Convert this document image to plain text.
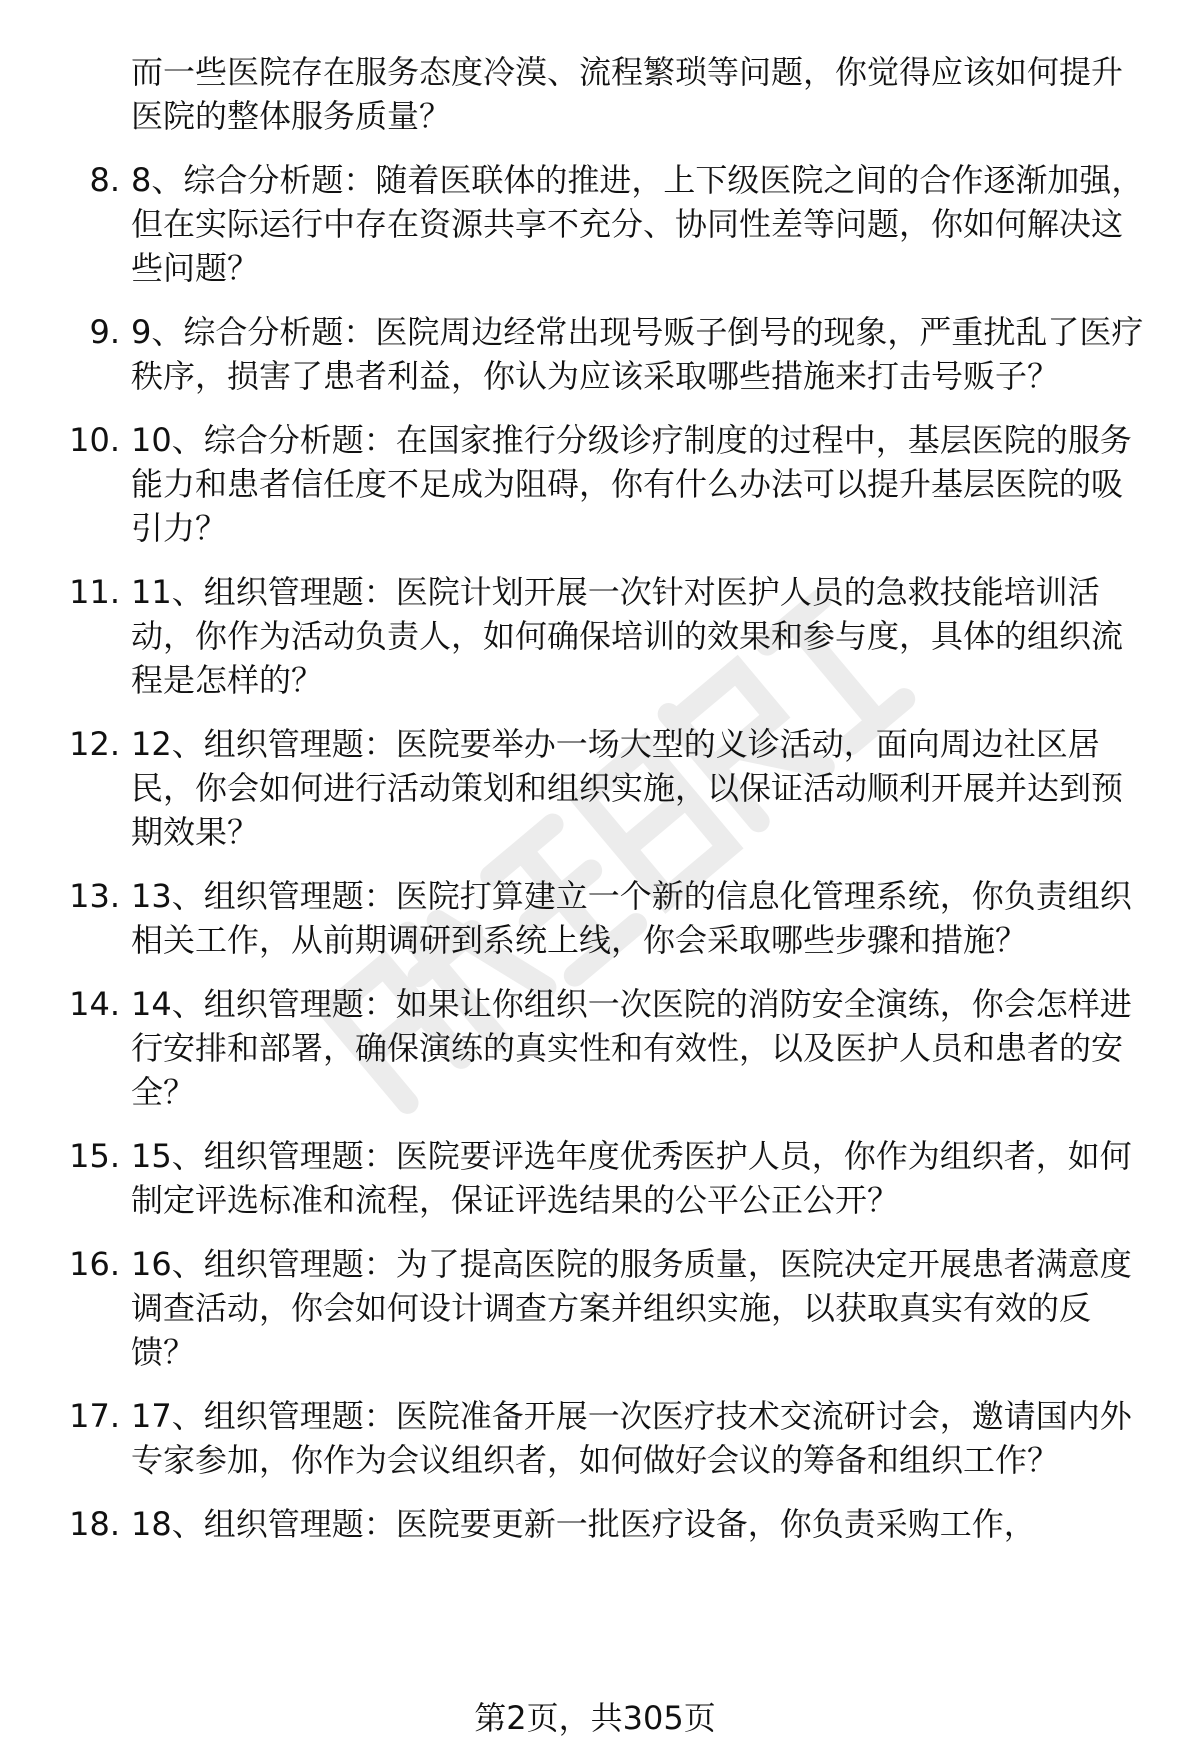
而一些医院存在服务态度冷漠、流程繁琐等问题，你觉得应该如何提升医院的整体服务质量？
8. 8、综合分析题：随着医联体的推进，上下级医院之间的合作逐渐加强，但在实际运行中存在资源共享不充分、协同性差等问题，你如何解决这些问题？
9. 9、综合分析题：医院周边经常出现号贩子倒号的现象，严重扰乱了医疗秩序，损害了患者利益，你认为应该采取哪些措施来打击号贩子？
10. 10、综合分析题：在国家推行分级诊疗制度的过程中，基层医院的服务能力和患者信任度不足成为阻碍，你有什么办法可以提升基层医院的吸引力？
11. 11、组织管理题：医院计划开展一次针对医护人员的急救技能培训活动，你作为活动负责人，如何确保培训的效果和参与度，具体的组织流程是怎样的？
12. 12、组织管理题：医院要举办一场大型的义诊活动，面向周边社区居民，你会如何进行活动策划和组织实施，以保证活动顺利开展并达到预期效果？
13. 13、组织管理题：医院打算建立一个新的信息化管理系统，你负责组织相关工作，从前期调研到系统上线，你会采取哪些步骤和措施？
14. 14、组织管理题：如果让你组织一次医院的消防安全演练，你会怎样进行安排和部署，确保演练的真实性和有效性，以及医护人员和患者的安全？
15. 15、组织管理题：医院要评选年度优秀医护人员，你作为组织者，如何制定评选标准和流程，保证评选结果的公平公正公开？
16. 16、组织管理题：为了提高医院的服务质量，医院决定开展患者满意度调查活动，你会如何设计调查方案并组织实施，以获取真实有效的反馈？
17. 17、组织管理题：医院准备开展一次医疗技术交流研讨会，邀请国内外专家参加，你作为会议组织者，如何做好会议的筹备和组织工作？
18. 18、组织管理题：医院要更新一批医疗设备，你负责采购工作，
第2页，共305页
